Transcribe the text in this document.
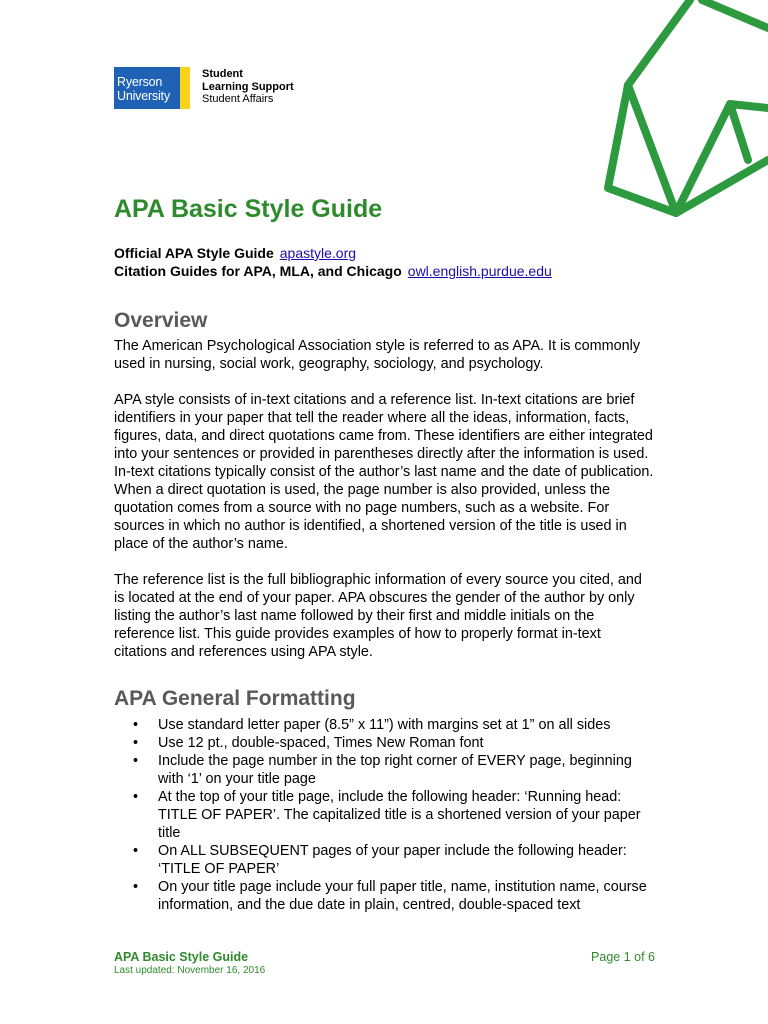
Ryerson
University
Student
Learning Support
Student Affairs
APA Basic Style Guide
Official APA Style Guide apastyle.org
Citation Guides for APA, MLA, and Chicago owl.english.purdue.edu
Overview

The American Psychological Association style is referred to as APA. It is commonly used in nursing, social work, geography, sociology, and psychology.

APA style consists of in-text citations and a reference list. In-text citations are brief identifiers in your paper that tell the reader where all the ideas, information, facts, figures, data, and direct quotations came from. These identifiers are either integrated into your sentences or provided in parentheses directly after the information is used. In-text citations typically consist of the author’s last name and the date of publication. When a direct quotation is used, the page number is also provided, unless the quotation comes from a source with no page numbers, such as a website. For sources in which no author is identified, a shortened version of the title is used in place of the author’s name.

The reference list is the full bibliographic information of every source you cited, and is located at the end of your paper. APA obscures the gender of the author by only listing the author’s last name followed by their first and middle initials on the reference list. This guide provides examples of how to properly format in-text citations and references using APA style.

APA General Formatting
• Use standard letter paper (8.5” x 11”) with margins set at 1” on all sides
• Use 12 pt., double-spaced, Times New Roman font
• Include the page number in the top right corner of EVERY page, beginning with ‘1’ on your title page
• At the top of your title page, include the following header: ‘Running head: TITLE OF PAPER’. The capitalized title is a shortened version of your paper title
• On ALL SUBSEQUENT pages of your paper include the following header: ‘TITLE OF PAPER’
• On your title page include your full paper title, name, institution name, course information, and the due date in plain, centred, double-spaced text
APA Basic Style Guide
Last updated: November 16, 2016
Page 1 of 6
